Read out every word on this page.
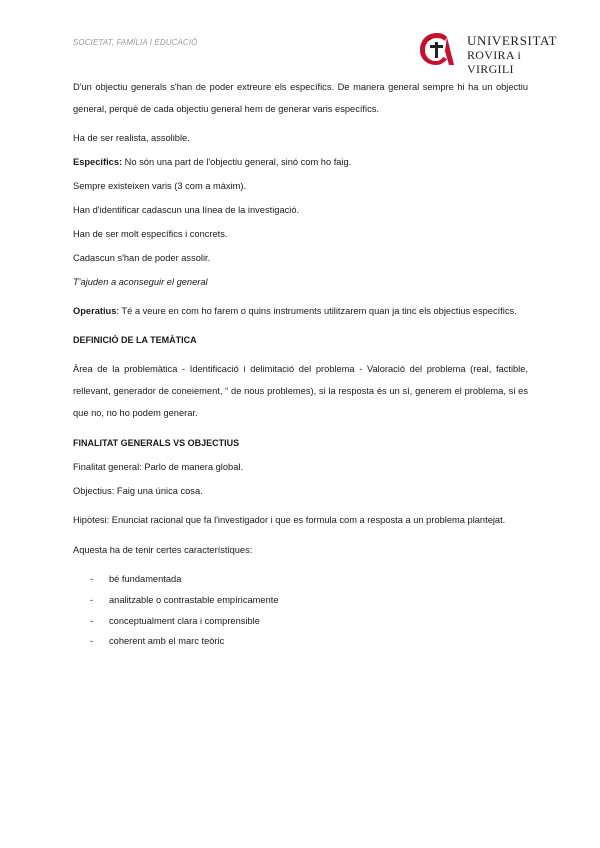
SOCIETAT, FAMÍLIA I EDUCACIÓ	☙	UNIVERSITAT
ROVIRA i VIRGILI

D'un objectiu generals s'han de poder extreure els específics. De manera general sempre hi ha un objectiu general, perquè de cada objectiu general hem de generar varis específics.

Ha de ser realista, assolible.

Específics: No són una part de l'objectiu general, sinó com ho faig.

Sempre existeixen varis (3 com a màxim).

Han d'identificar cadascun una línea de la investigació.

Han de ser molt específics i concrets.

Cadascun s'han de poder assolir.

T'ajuden a aconseguir el general

Operatius: Té a veure en com ho farem o quins instruments utilitzarem quan ja tinc els objectius específics.

DEFINICIÓ DE LA TEMÀTICA

Àrea de la problemàtica - Identificació i delimitació del problema - Valoració del problema (real, factible, rellevant, generador de coneiement, “ de nous problemes), si la resposta és un sí, generem el problema, si es que no, no ho podem generar.

FINALITAT GENERALS VS OBJECTIUS

Finalitat general: Parlo de manera global.

Objectius: Faig una única cosa.

Hipòtesi: Enunciat racional que fa l'investigador i que es formula com a resposta a un problema plantejat.

Aquesta ha de tenir certes característiques:

- bé fundamentada
- analitzable o contrastable empíricamente
- conceptualment clara i comprensible
- coherent amb el marc teòric
